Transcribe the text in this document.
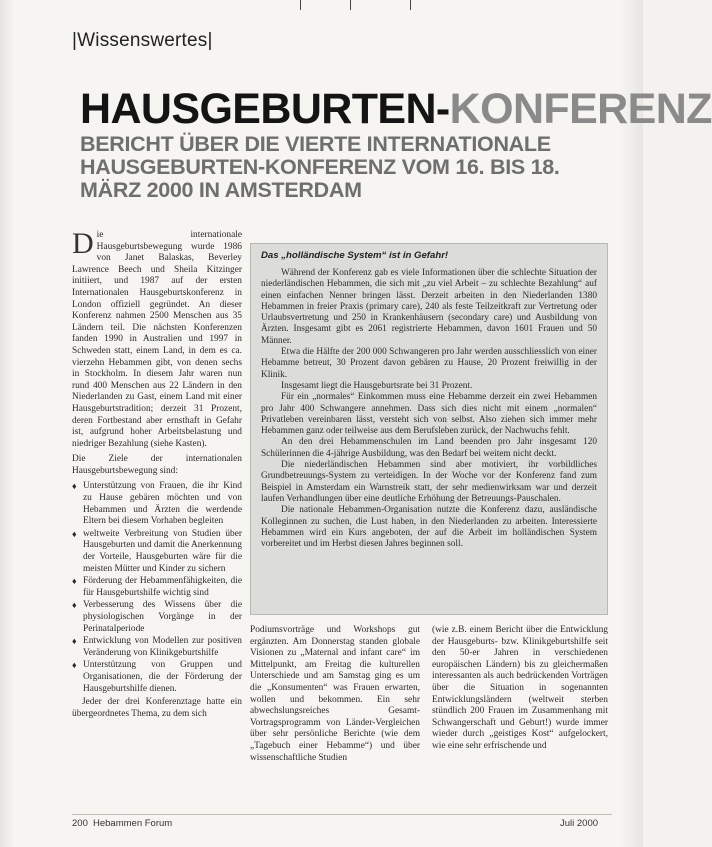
|Wissenswertes|
HAUSGEBURTEN-KONFERENZ
BERICHT ÜBER DIE VIERTE INTERNATIONALE HAUSGEBURTEN-KONFERENZ VOM 16. BIS 18. MÄRZ 2000 IN AMSTERDAM

Die internationale Hausgeburtsbewegung wurde 1986 von Janet Balaskas, Beverley Lawrence Beech und Sheila Kitzinger initiiert, und 1987 auf der ersten Internationalen Hausgeburtskonferenz in London offiziell gegründet. An dieser Konferenz nahmen 2500 Menschen aus 35 Ländern teil. Die nächsten Konferenzen fanden 1990 in Australien und 1997 in Schweden statt, einem Land, in dem es ca. vierzehn Hebammen gibt, von denen sechs in Stockholm. In diesem Jahr waren nun rund 400 Menschen aus 22 Ländern in den Niederlanden zu Gast, einem Land mit einer Hausgeburtstradition; derzeit 31 Prozent, deren Fortbestand aber ernsthaft in Gefahr ist, aufgrund hoher Arbeitsbelastung und niedriger Bezahlung (siehe Kasten).

Die Ziele der internationalen Hausgeburtsbewegung sind:

♦ Unterstützung von Frauen, die ihr Kind zu Hause gebären möchten und von Hebammen und Ärzten die werdende Eltern bei diesem Vorhaben begleiten
♦ weltweite Verbreitung von Studien über Hausgeburten und damit die Anerkennung der Vorteile, Hausgeburten wäre für die meisten Mütter und Kinder zu sichern
♦ Förderung der Hebammenfähigkeiten, die für Hausgeburtshilfe wichtig sind
♦ Verbesserung des Wissens über die physiologischen Vorgänge in der Perinatalperiode
♦ Entwicklung von Modellen zur positiven Veränderung von Klinikgeburtshilfe
♦ Unterstützung von Gruppen und Organisationen, die der Förderung der Hausgeburtshilfe dienen.

Jeder der drei Konferenztage hatte ein übergeordnetes Thema, zu dem sich

Das „holländische System“ ist in Gefahr!

Während der Konferenz gab es viele Informationen über die schlechte Situation der niederländischen Hebammen, die sich mit „zu viel Arbeit – zu schlechte Bezahlung“ auf einen einfachen Nenner bringen lässt. Derzeit arbeiten in den Niederlanden 1380 Hebammen in freier Praxis (primary care), 240 als feste Teilzeitkraft zur Vertretung oder Urlaubsvertretung und 250 in Krankenhäusern (secondary care) und Ausbildung von Ärzten. Insgesamt gibt es 2061 registrierte Hebammen, davon 1601 Frauen und 50 Männer.

Etwa die Hälfte der 200 000 Schwangeren pro Jahr werden ausschliesslich von einer Hebamme betreut, 30 Prozent davon gebären zu Hause, 20 Prozent freiwillig in der Klinik.

Insgesamt liegt die Hausgeburtsrate bei 31 Prozent.

Für ein „normales“ Einkommen muss eine Hebamme derzeit ein zwei Hebammen pro Jahr 400 Schwangere annehmen. Dass sich dies nicht mit einem „normalen“ Privatleben vereinbaren lässt, versteht sich von selbst. Also ziehen sich immer mehr Hebammen ganz oder teilweise aus dem Berufsleben zurück, der Nachwuchs fehlt.

An den drei Hebammenschulen im Land beenden pro Jahr insgesamt 120 Schülerinnen die 4-jährige Ausbildung, was den Bedarf bei weitem nicht deckt.

Die niederländischen Hebammen sind aber motiviert, ihr vorbildliches Grundbetreuungs-System zu verteidigen. In der Woche vor der Konferenz fand zum Beispiel in Amsterdam ein Warnstreik statt, der sehr medienwirksam war und derzeit laufen Verhandlungen über eine deutliche Erhöhung der Betreuungs-Pauschalen.

Die nationale Hebammen-Organisation nutzte die Konferenz dazu, ausländische Kolleginnen zu suchen, die Lust haben, in den Niederlanden zu arbeiten. Interessierte Hebammen wird ein Kurs angeboten, der auf die Arbeit im holländischen System vorbereitet und im Herbst diesen Jahres beginnen soll.

Podiumsvorträge und Workshops gut ergänzten. Am Donnerstag standen globale Visionen zu „Maternal and infant care“ im Mittelpunkt, am Freitag die kulturellen Unterschiede und am Samstag ging es um die „Konsumenten“ was Frauen erwarten, wollen und bekommen. Ein sehr abwechslungsreiches Gesamt-Vortragsprogramm von Länder-Vergleichen über sehr persönliche Berichte (wie dem „Tagebuch einer Hebamme“) und über wissenschaftliche Studien

(wie z.B. einem Bericht über die Entwicklung der Hausgeburts- bzw. Klinikgeburtshilfe seit den 50-er Jahren in verschiedenen europäischen Ländern) bis zu gleichermaßen interessanten als auch bedrückenden Vorträgen über die Situation in sogenannten Entwicklungsländern (weltweit sterben stündlich 200 Frauen im Zusammenhang mit Schwangerschaft und Geburt!) wurde immer wieder durch „geistiges Kost“ aufgelockert, wie eine sehr erfrischende und

200 Hebammen Forum	Juli 2000
